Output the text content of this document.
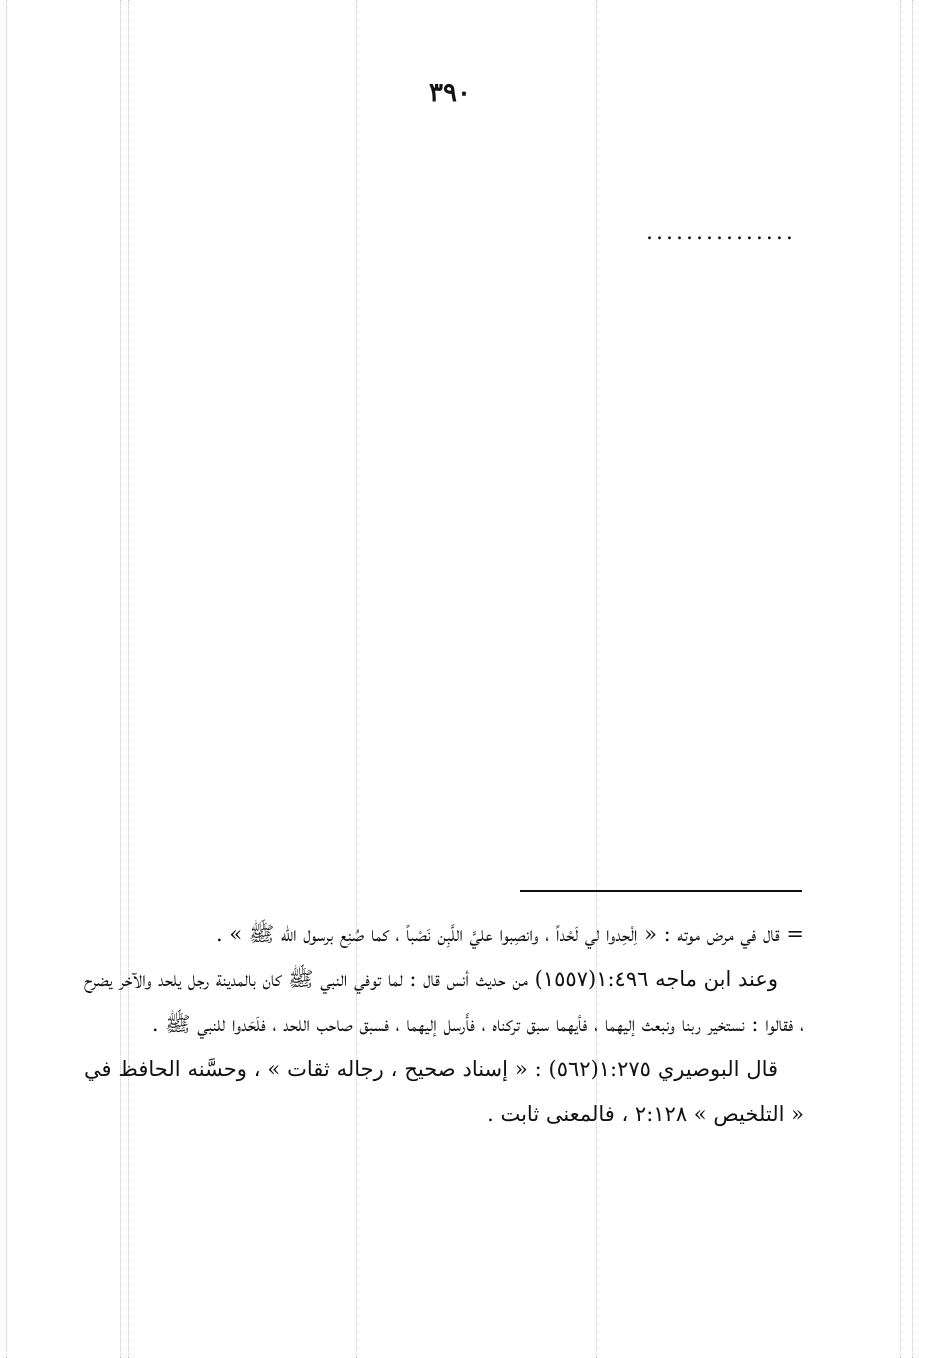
٣٩٠
...............

= قال في مرض موته : « اِلْحِدوا لي لَحْداً ، وانصِبوا عليَّ اللَّبِن نَصْباً ، كما صُنِع برسول الله ﷺ » .

وعند ابن ماجه ١:٤٩٦(١٥٥٧) من حديث أنس قال : لما توفي النبي ﷺ كان بالمدينة رجل يلحد والآخر يضرح ، فقالوا : نستخير ربنا ونبعث إليهما ، فأيهما سبق تركناه ، فأَرسل إليهما ، فسبق صاحب اللحد ، فلَحَدوا للنبي ﷺ .

قال البوصيري ١:٢٧٥(٥٦٢) : « إسناد صحيح ، رجاله ثقات » ، وحسَّنه الحافظ في « التلخيص » ٢:١٢٨ ، فالمعنى ثابت .
